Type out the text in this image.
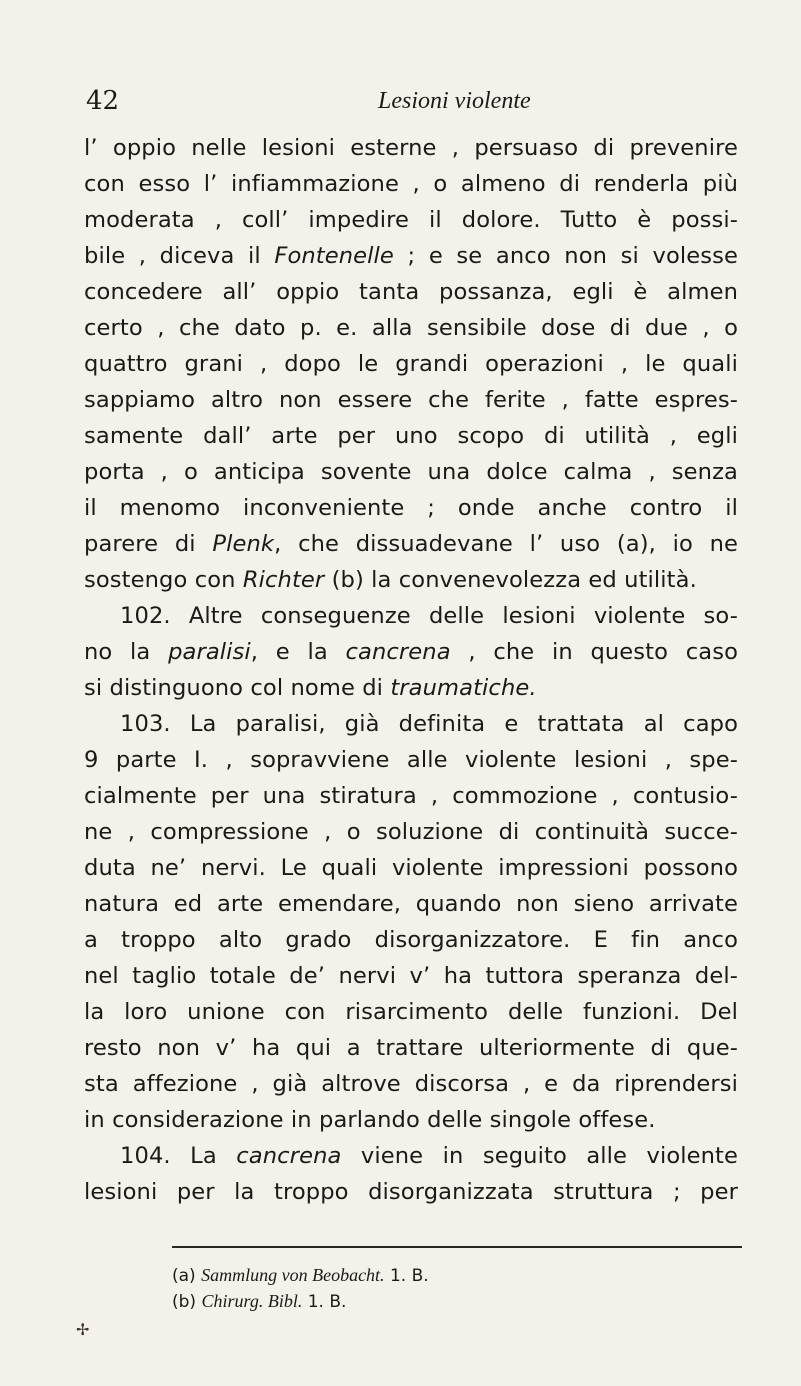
42	Lesioni violente
l’ oppio nelle lesioni esterne , persuaso di prevenire
con esso l’ infiammazione , o almeno di renderla più
moderata , coll’ impedire il dolore. Tutto è possi-
bile , diceva il Fontenelle ; e se anco non si volesse
concedere all’ oppio tanta possanza, egli è almen
certo , che dato p. e. alla sensibile dose di due , o
quattro grani , dopo le grandi operazioni , le quali
sappiamo altro non essere che ferite , fatte espres-
samente dall’ arte per uno scopo di utilità , egli
porta , o anticipa sovente una dolce calma , senza
il menomo inconveniente ; onde anche contro il
parere di Plenk, che dissuadevane l’ uso (a), io ne
sostengo con Richter (b) la convenevolezza ed utilità.
102. Altre conseguenze delle lesioni violente so-
no la paralisi, e la cancrena , che in questo caso
si distinguono col nome di traumatiche.
103. La paralisi, già definita e trattata al capo
9 parte I. , sopravviene alle violente lesioni , spe-
cialmente per una stiratura , commozione , contusio-
ne , compressione , o soluzione di continuità succe-
duta ne’ nervi. Le quali violente impressioni possono
natura ed arte emendare, quando non sieno arrivate
a troppo alto grado disorganizzatore. E fin anco
nel taglio totale de’ nervi v’ ha tuttora speranza del-
la loro unione con risarcimento delle funzioni. Del
resto non v’ ha qui a trattare ulteriormente di que-
sta affezione , già altrove discorsa , e da riprendersi
in considerazione in parlando delle singole offese.
104. La cancrena viene in seguito alle violente
lesioni per la troppo disorganizzata struttura ; per
(a) Sammlung von Beobacht. 1. B.
(b) Chirurg. Bibl. 1. B.
✢
